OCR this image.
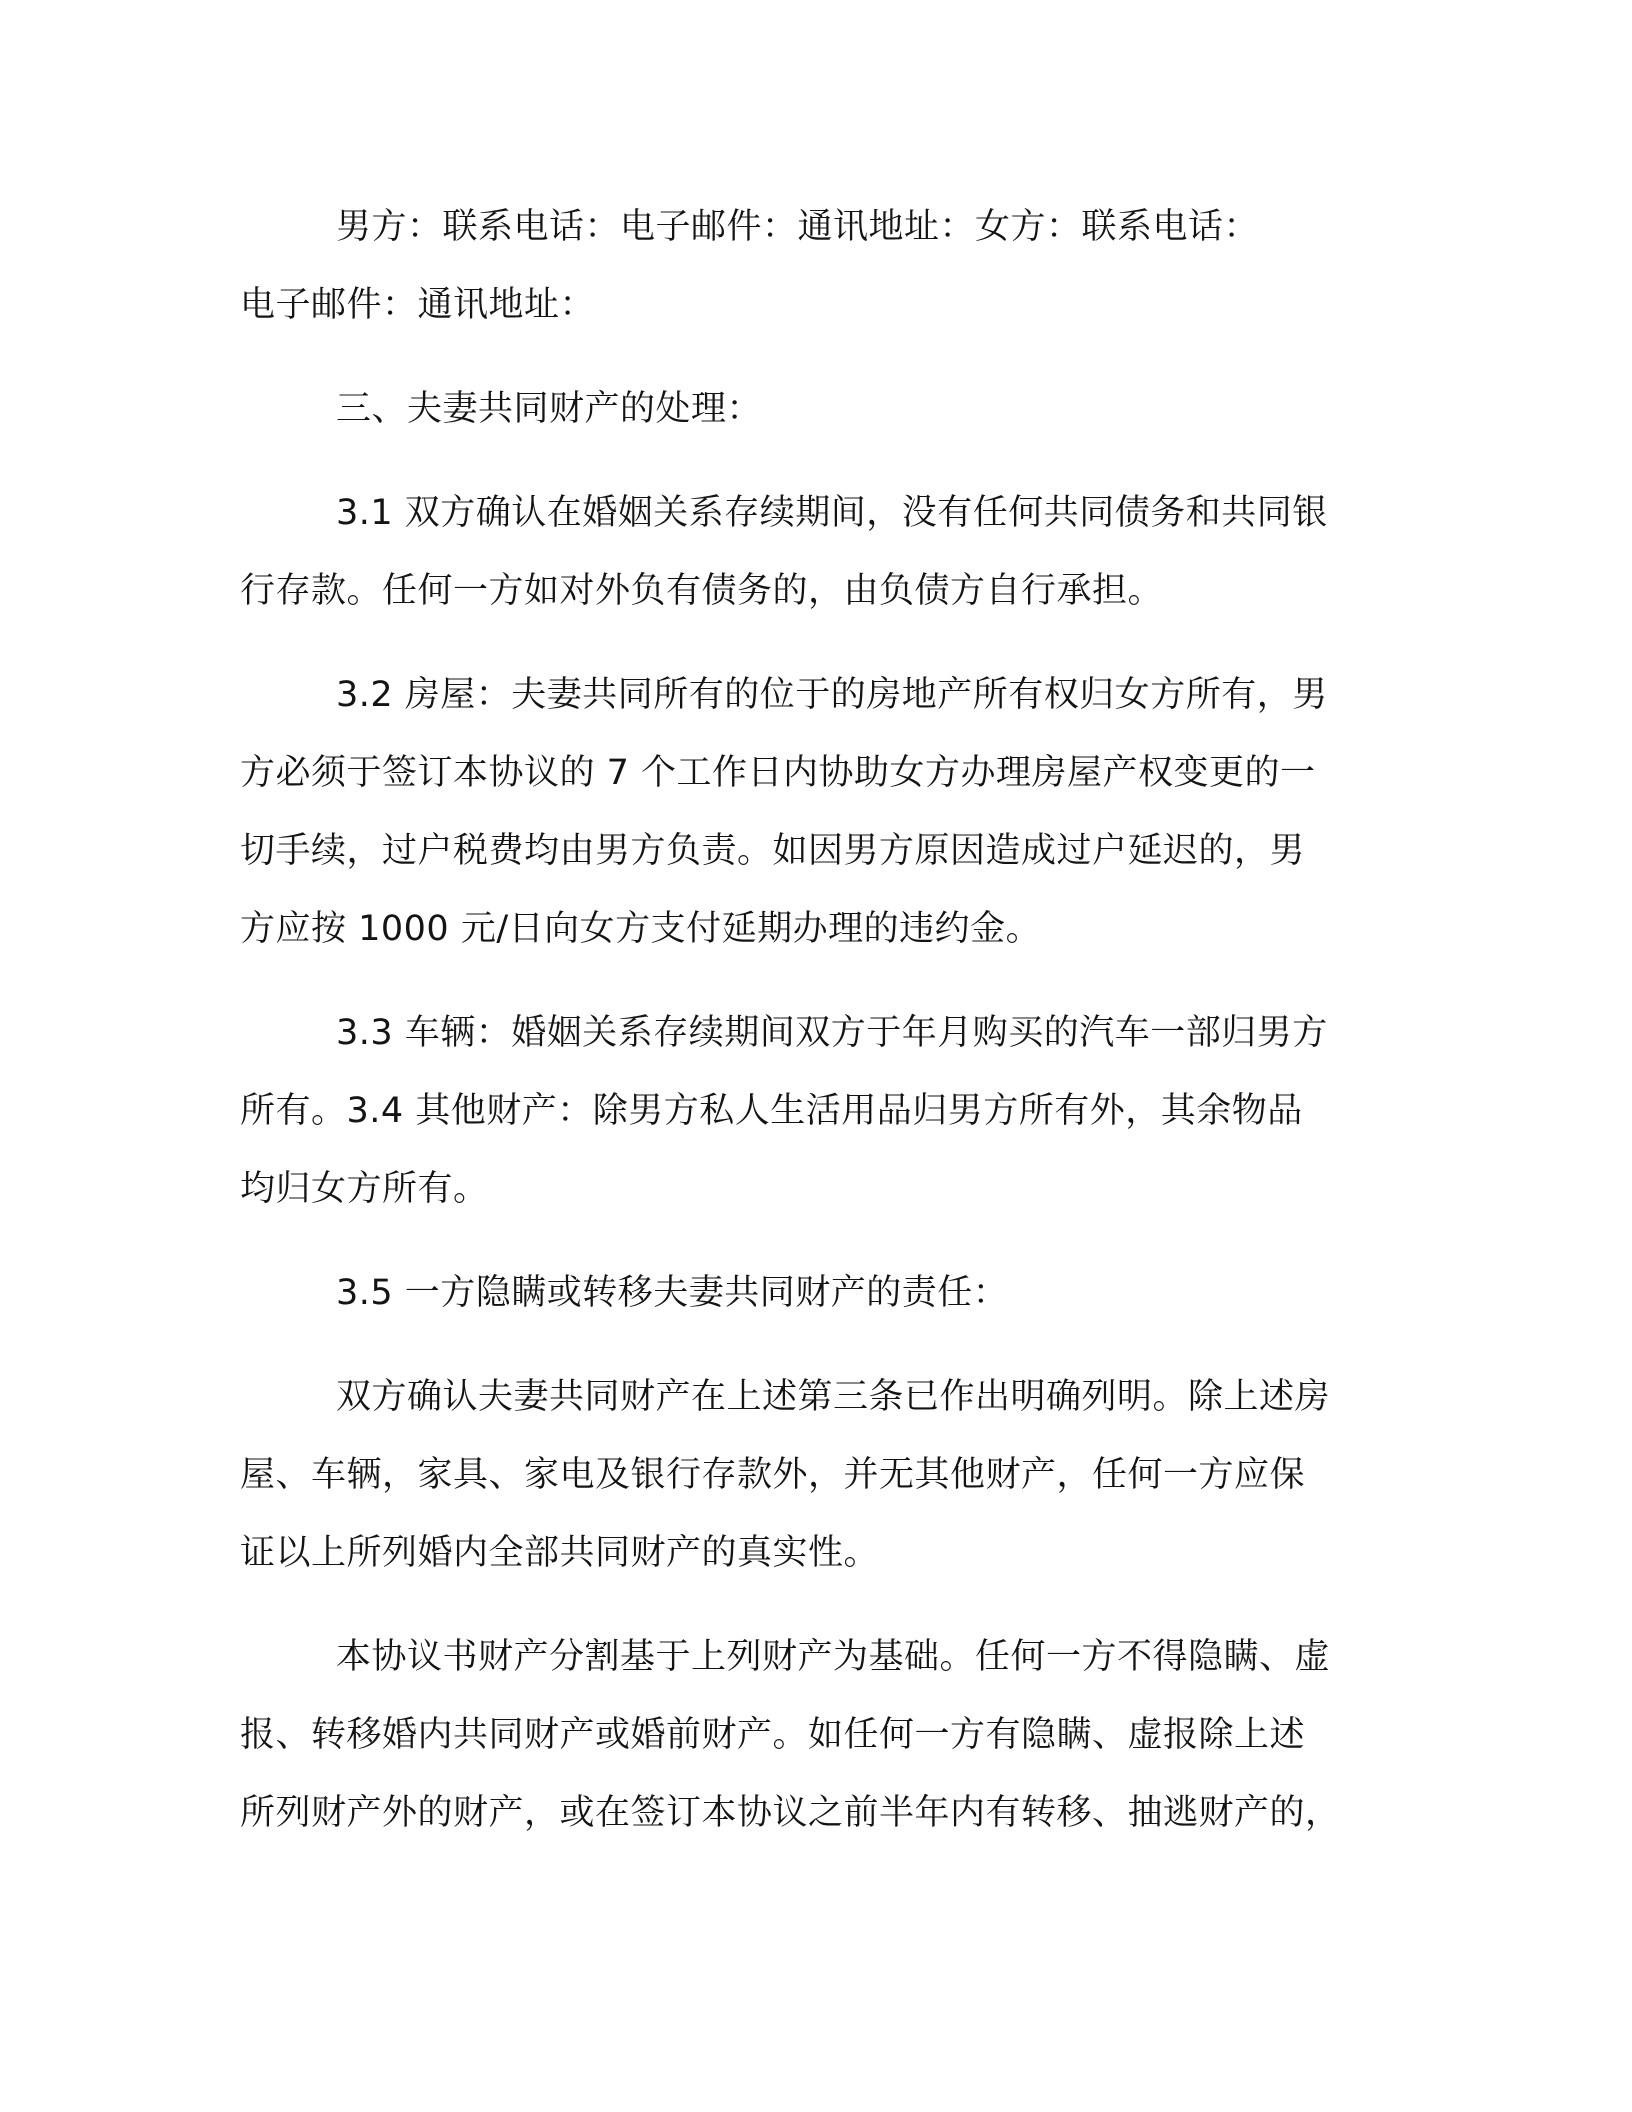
男方：联系电话：电子邮件：通讯地址：女方：联系电话：
电子邮件：通讯地址：
三、夫妻共同财产的处理：
3.1 双方确认在婚姻关系存续期间，没有任何共同债务和共同银
行存款。任何一方如对外负有债务的，由负债方自行承担。
3.2 房屋：夫妻共同所有的位于的房地产所有权归女方所有，男
方必须于签订本协议的 7 个工作日内协助女方办理房屋产权变更的一
切手续，过户税费均由男方负责。如因男方原因造成过户延迟的，男
方应按 1000 元/日向女方支付延期办理的违约金。
3.3 车辆：婚姻关系存续期间双方于年月购买的汽车一部归男方
所有。3.4 其他财产：除男方私人生活用品归男方所有外，其余物品
均归女方所有。
3.5 一方隐瞒或转移夫妻共同财产的责任：
双方确认夫妻共同财产在上述第三条已作出明确列明。除上述房
屋、车辆，家具、家电及银行存款外，并无其他财产，任何一方应保
证以上所列婚内全部共同财产的真实性。
本协议书财产分割基于上列财产为基础。任何一方不得隐瞒、虚
报、转移婚内共同财产或婚前财产。如任何一方有隐瞒、虚报除上述
所列财产外的财产，或在签订本协议之前半年内有转移、抽逃财产的，
